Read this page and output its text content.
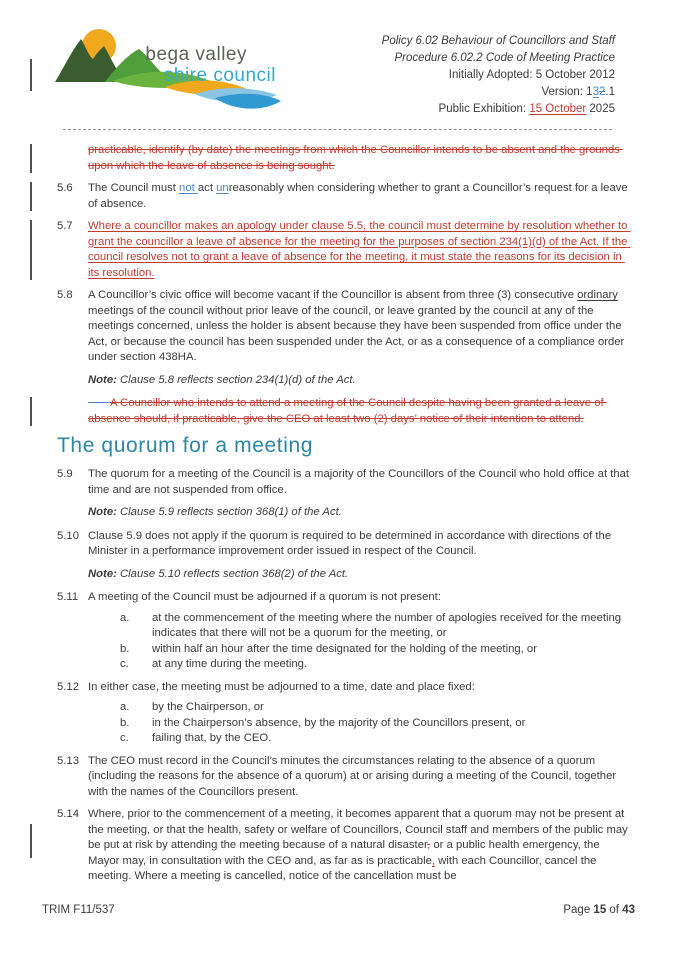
bega valley
shire council
Policy 6.02 Behaviour of Councillors and Staff
Procedure 6.02.2 Code of Meeting Practice
Initially Adopted: 5 October 2012
Version: 132.1
Public Exhibition: 15 October 2025
practicable, identify (by date) the meetings from which the Councillor intends to be absent and the grounds upon which the leave of absence is being sought.
5.6 The Council must not act unreasonably when considering whether to grant a Councillor’s request for a leave of absence.
5.7 Where a councillor makes an apology under clause 5.5, the council must determine by resolution whether to grant the councillor a leave of absence for the meeting for the purposes of section 234(1)(d) of the Act. If the council resolves not to grant a leave of absence for the meeting, it must state the reasons for its decision in its resolution.
5.8 A Councillor’s civic office will become vacant if the Councillor is absent from three (3) consecutive ordinary meetings of the council without prior leave of the council, or leave granted by the council at any of the meetings concerned, unless the holder is absent because they have been suspended from office under the Act, or because the council has been suspended under the Act, or as a consequence of a compliance order under section 438HA.
Note: Clause 5.8 reflects section 234(1)(d) of the Act.
A Councillor who intends to attend a meeting of the Council despite having been granted a leave of absence should, if practicable, give the CEO at least two (2) days’ notice of their intention to attend.
The quorum for a meeting
5.9 The quorum for a meeting of the Council is a majority of the Councillors of the Council who hold office at that time and are not suspended from office.
Note: Clause 5.9 reflects section 368(1) of the Act.
5.10 Clause 5.9 does not apply if the quorum is required to be determined in accordance with directions of the Minister in a performance improvement order issued in respect of the Council.
Note: Clause 5.10 reflects section 368(2) of the Act.
5.11 A meeting of the Council must be adjourned if a quorum is not present:
a.	at the commencement of the meeting where the number of apologies received for the meeting indicates that there will not be a quorum for the meeting, or
b.	within half an hour after the time designated for the holding of the meeting, or
c.	at any time during the meeting.
5.12 In either case, the meeting must be adjourned to a time, date and place fixed:
a.	by the Chairperson, or
b.	in the Chairperson’s absence, by the majority of the Councillors present, or
c.	failing that, by the CEO.
5.13 The CEO must record in the Council’s minutes the circumstances relating to the absence of a quorum (including the reasons for the absence of a quorum) at or arising during a meeting of the Council, together with the names of the Councillors present.
5.14 Where, prior to the commencement of a meeting, it becomes apparent that a quorum may not be present at the meeting, or that the health, safety or welfare of Councillors, Council staff and members of the public may be put at risk by attending the meeting because of a natural disaster, or a public health emergency, the Mayor may, in consultation with the CEO and, as far as is practicable, with each Councillor, cancel the meeting. Where a meeting is cancelled, notice of the cancellation must be
TRIM F11/537	Page 15 of 43
